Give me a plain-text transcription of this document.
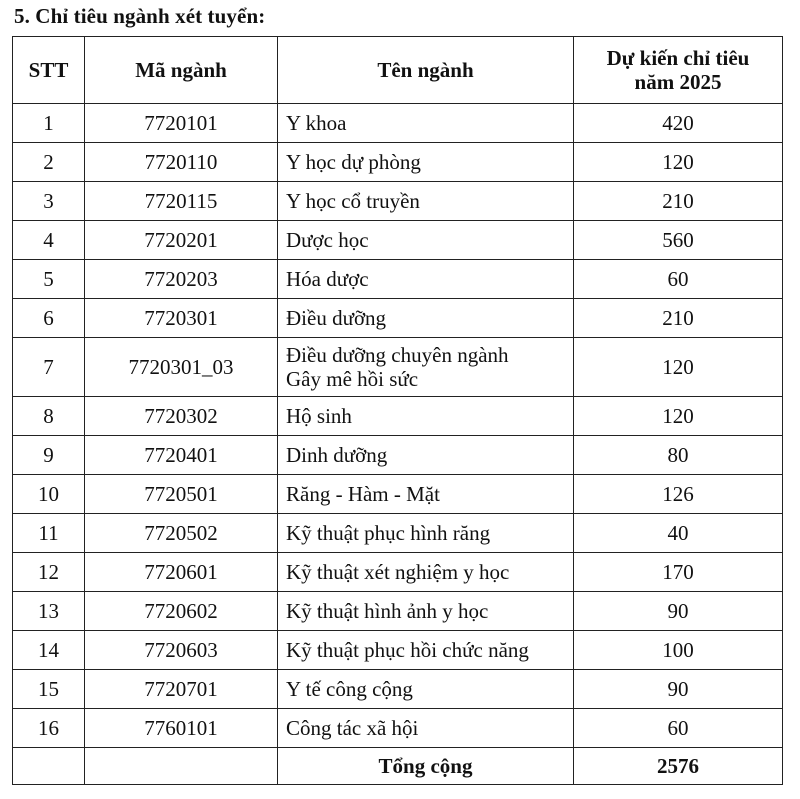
5. Chỉ tiêu ngành xét tuyển:
STT	Mã ngành	Tên ngành	Dự kiến chỉ tiêu
năm 2025

1	7720101	Y khoa	420
2	7720110	Y học dự phòng	120
3	7720115	Y học cổ truyền	210
4	7720201	Dược học	560
5	7720203	Hóa dược	60
6	7720301	Điều dưỡng	210
7	7720301_03	Điều dưỡng chuyên ngành
Gây mê hồi sức	120
8	7720302	Hộ sinh	120
9	7720401	Dinh dưỡng	80
10	7720501	Răng - Hàm - Mặt	126
11	7720502	Kỹ thuật phục hình răng	40
12	7720601	Kỹ thuật xét nghiệm y học	170
13	7720602	Kỹ thuật hình ảnh y học	90
14	7720603	Kỹ thuật phục hồi chức năng	100
15	7720701	Y tế công cộng	90
16	7760101	Công tác xã hội	60
		Tổng cộng	2576
